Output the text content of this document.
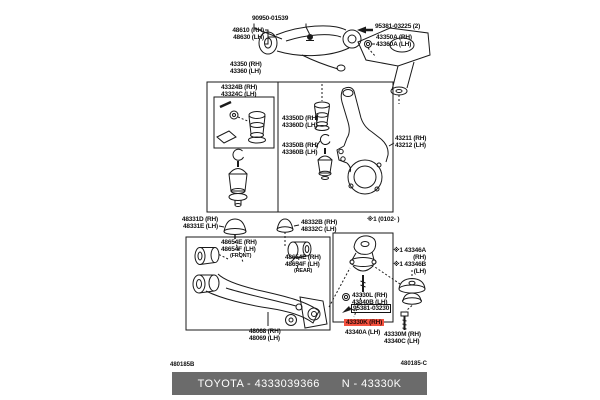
48610 (RH)
48630 (LH)
90950-01539
95381-03225 (2)
43350A (RH)
43360A (LH)
43350 (RH)
43360 (LH)
43324B (RH)
43324C (LH)
43350D (RH)
43360D (LH)
43350B (RH)
43360B (LH)
43211 (RH)
43212 (LH)
48331D (RH)
48331E (LH)
48332B (RH)
48332C (LH)
48654E (RH)
48654F (LH)
(FRONT)	48654E (RH)
48654F (LH)
(REAR)
48068 (RH)
48069 (LH)
※1 (0102- )
※1 43346A
(RH)
※1 43346B
(LH)
43330L (RH)
43340B (LH)
95381-03230
43330K (RH)
43340A (LH) 43330M (RH)
43340C (LH)
480185B	480185-C
TOYOTA - 4333039366 N - 43330K
